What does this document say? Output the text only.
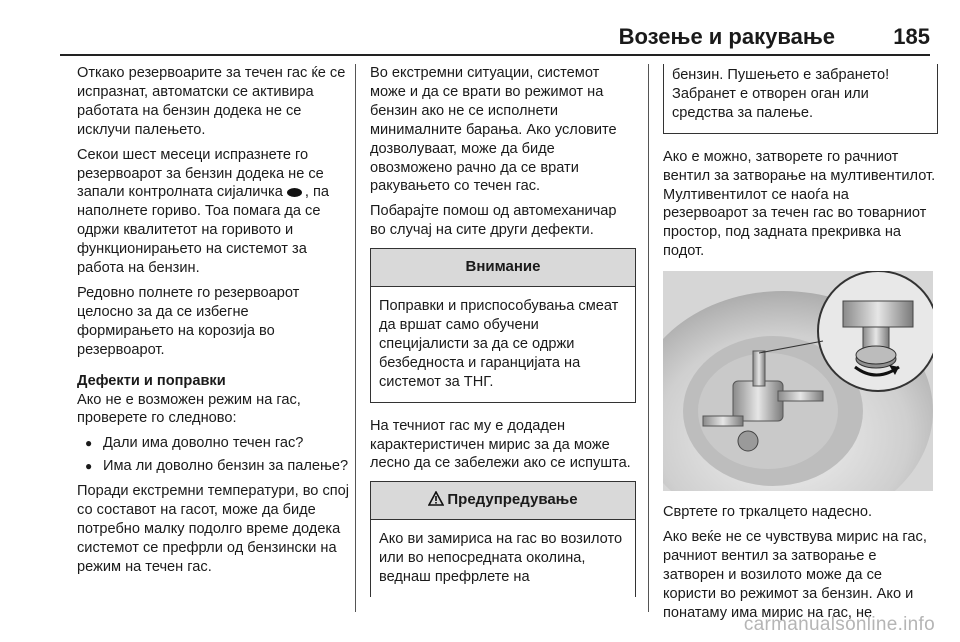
Возење и ракување	185

Откако резервоарите за течен гас ќе се испразнат, автоматски се активира работата на бензин додека не се исклучи палењето.

Секои шест месеци испразнете го резервоарот за бензин додека не се запали контролната сијаличка , па наполнете гориво. Тоа помага да се одржи квалитетот на горивото и функционирањето на системот за работа на бензин.

Редовно полнете го резервоарот целосно за да се избегне формирањето на корозија во резервоарот.

Дефекти и поправки

Ако не е возможен режим на гас, проверете го следново:

● Дали има доволно течен гас?
● Има ли доволно бензин за палење?

Поради екстремни температури, во спој со составот на гасот, може да биде потребно малку подолго време додека системот се префрли од бензински на режим на течен гас.

Во екстремни ситуации, системот може и да се врати во режимот на бензин ако не се исполнети минималните барања. Ако условите дозволуваат, може да биде овозможено рачно да се врати ракувањето со течен гас.

Побарајте помош од автомеханичар во случај на сите други дефекти.

Внимание
Поправки и приспособувања смеат да вршат само обучени специјалисти за да се одржи безбедноста и гаранцијата на системот за ТНГ.

На течниот гас му е додаден карактеристичен мирис за да може лесно да се забележи ако се испушта.

Предупредување
Ако ви замириса на гас во возилото или во непосредната околина, веднаш префрлете на
бензин. Пушењето е забрането! Забранет е отворен оган или средства за палење.

Ако е можно, затворете го рачниот вентил за затворање на мултивентилот. Мултивентилот се наоѓа на резервоарот за течен гас во товарниот простор, под задната прекривка на подот.

Свртете го тркалцето надесно.

Ако веќе не се чувствува мирис на гас, рачниот вентил за затворање е затворен и возилото може да се користи во режимот за бензин. Ако и понатаму има мирис на гас, не

carmanualsonline.info
